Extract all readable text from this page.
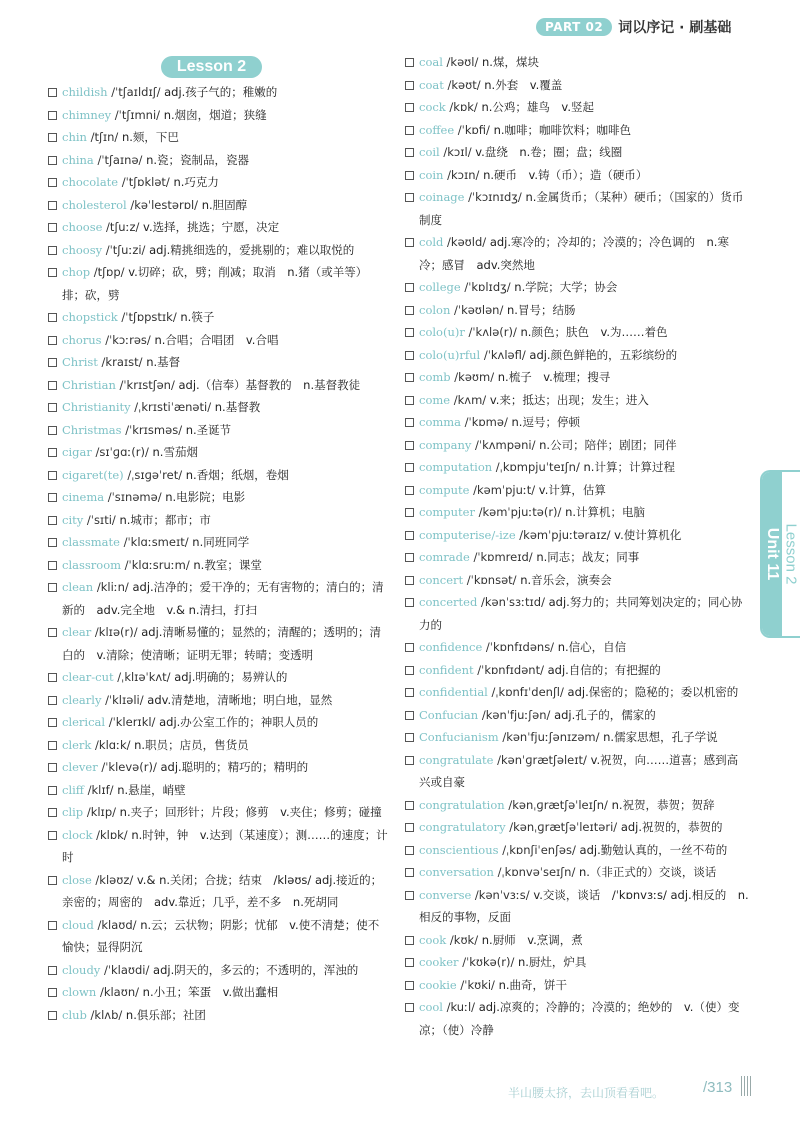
PART 02	词以序记 · 刷基础
Lesson 2
childish /ˈtʃaɪldɪʃ/ adj.孩子气的；稚嫩的
chimney /ˈtʃɪmni/ n.烟囱，烟道；狭缝
chin /tʃɪn/ n.颏，下巴
china /ˈtʃaɪnə/ n.瓷；瓷制品，瓷器
chocolate /ˈtʃɒklət/ n.巧克力
cholesterol /kəˈlestərɒl/ n.胆固醇
choose /tʃuːz/ v.选择，挑选；宁愿，决定
choosy /ˈtʃuːzi/ adj.精挑细选的，爱挑剔的；难以取悦的
chop /tʃɒp/ v.切碎；砍，劈；削减；取消　n.猪（或羊等）排；砍，劈
chopstick /ˈtʃɒpstɪk/ n.筷子
chorus /ˈkɔːrəs/ n.合唱；合唱团　v.合唱
Christ /kraɪst/ n.基督
Christian /ˈkrɪstʃən/ adj.（信奉）基督教的　n.基督教徒
Christianity /ˌkrɪstiˈænəti/ n.基督教
Christmas /ˈkrɪsməs/ n.圣诞节
cigar /sɪˈɡɑː(r)/ n.雪茄烟
cigaret(te) /ˌsɪɡəˈret/ n.香烟；纸烟，卷烟
cinema /ˈsɪnəmə/ n.电影院；电影
city /ˈsɪti/ n.城市；都市；市
classmate /ˈklɑːsmeɪt/ n.同班同学
classroom /ˈklɑːsruːm/ n.教室；课堂
clean /kliːn/ adj.洁净的；爱干净的；无有害物的；清白的；清新的　adv.完全地　v.& n.清扫，打扫
clear /klɪə(r)/ adj.清晰易懂的；显然的；清醒的；透明的；清白的　v.清除；使清晰；证明无罪；转晴；变透明
clear-cut /ˌklɪəˈkʌt/ adj.明确的；易辨认的
clearly /ˈklɪəli/ adv.清楚地，清晰地；明白地，显然
clerical /ˈklerɪkl/ adj.办公室工作的；神职人员的
clerk /klɑːk/ n.职员；店员，售货员
clever /ˈklevə(r)/ adj.聪明的；精巧的；精明的
cliff /klɪf/ n.悬崖，峭壁
clip /klɪp/ n.夹子；回形针；片段；修剪　v.夹住；修剪；碰撞
clock /klɒk/ n.时钟，钟　v.达到（某速度）；测……的速度；计时
close /kləʊz/ v.& n.关闭；合拢；结束　/kləʊs/ adj.接近的；亲密的；周密的　adv.靠近；几乎，差不多　n.死胡同
cloud /klaʊd/ n.云；云状物；阴影；忧郁　v.使不清楚；使不愉快；显得阴沉
cloudy /ˈklaʊdi/ adj.阴天的，多云的；不透明的，浑浊的
clown /klaʊn/ n.小丑；笨蛋　v.做出蠢相
club /klʌb/ n.俱乐部；社团
coal /kəʊl/ n.煤，煤块
coat /kəʊt/ n.外套　v.覆盖
cock /kɒk/ n.公鸡；雄鸟　v.竖起
coffee /ˈkɒfi/ n.咖啡；咖啡饮料；咖啡色
coil /kɔɪl/ v.盘绕　n.卷；圈；盘；线圈
coin /kɔɪn/ n.硬币　v.铸（币）；造（硬币）
coinage /ˈkɔɪnɪdʒ/ n.金属货币；（某种）硬币；（国家的）货币制度
cold /kəʊld/ adj.寒冷的；冷却的；冷漠的；冷色调的　n.寒冷；感冒　adv.突然地
college /ˈkɒlɪdʒ/ n.学院；大学；协会
colon /ˈkəʊlən/ n.冒号；结肠
colo(u)r /ˈkʌlə(r)/ n.颜色；肤色　v.为……着色
colo(u)rful /ˈkʌləfl/ adj.颜色鲜艳的，五彩缤纷的
comb /kəʊm/ n.梳子　v.梳理；搜寻
come /kʌm/ v.来；抵达；出现；发生；进入
comma /ˈkɒmə/ n.逗号；停顿
company /ˈkʌmpəni/ n.公司；陪伴；剧团；同伴
computation /ˌkɒmpjuˈteɪʃn/ n.计算；计算过程
compute /kəmˈpjuːt/ v.计算，估算
computer /kəmˈpjuːtə(r)/ n.计算机；电脑
computerise/-ize /kəmˈpjuːtəraɪz/ v.使计算机化
comrade /ˈkɒmreɪd/ n.同志；战友；同事
concert /ˈkɒnsət/ n.音乐会，演奏会
concerted /kənˈsɜːtɪd/ adj.努力的；共同筹划决定的；同心协力的
confidence /ˈkɒnfɪdəns/ n.信心，自信
confident /ˈkɒnfɪdənt/ adj.自信的；有把握的
confidential /ˌkɒnfɪˈdenʃl/ adj.保密的；隐秘的；委以机密的
Confucian /kənˈfjuːʃən/ adj.孔子的，儒家的
Confucianism /kənˈfjuːʃənɪzəm/ n.儒家思想，孔子学说
congratulate /kənˈɡrætʃəleɪt/ v.祝贺，向……道喜；感到高兴或自豪
congratulation /kənˌɡrætʃəˈleɪʃn/ n.祝贺，恭贺；贺辞
congratulatory /kənˌɡrætʃəˈleɪtəri/ adj.祝贺的，恭贺的
conscientious /ˌkɒnʃiˈenʃəs/ adj.勤勉认真的，一丝不苟的
conversation /ˌkɒnvəˈseɪʃn/ n.（非正式的）交谈，谈话
converse /kənˈvɜːs/ v.交谈，谈话　/ˈkɒnvɜːs/ adj.相反的　n.相反的事物，反面
cook /kʊk/ n.厨师　v.烹调，煮
cooker /ˈkʊkə(r)/ n.厨灶，炉具
cookie /ˈkʊki/ n.曲奇，饼干
cool /kuːl/ adj.凉爽的；冷静的；冷漠的；绝妙的　v.（使）变凉；（使）冷静
Unit 11 Lesson 2
半山腰太挤，去山顶看看吧。	/313
